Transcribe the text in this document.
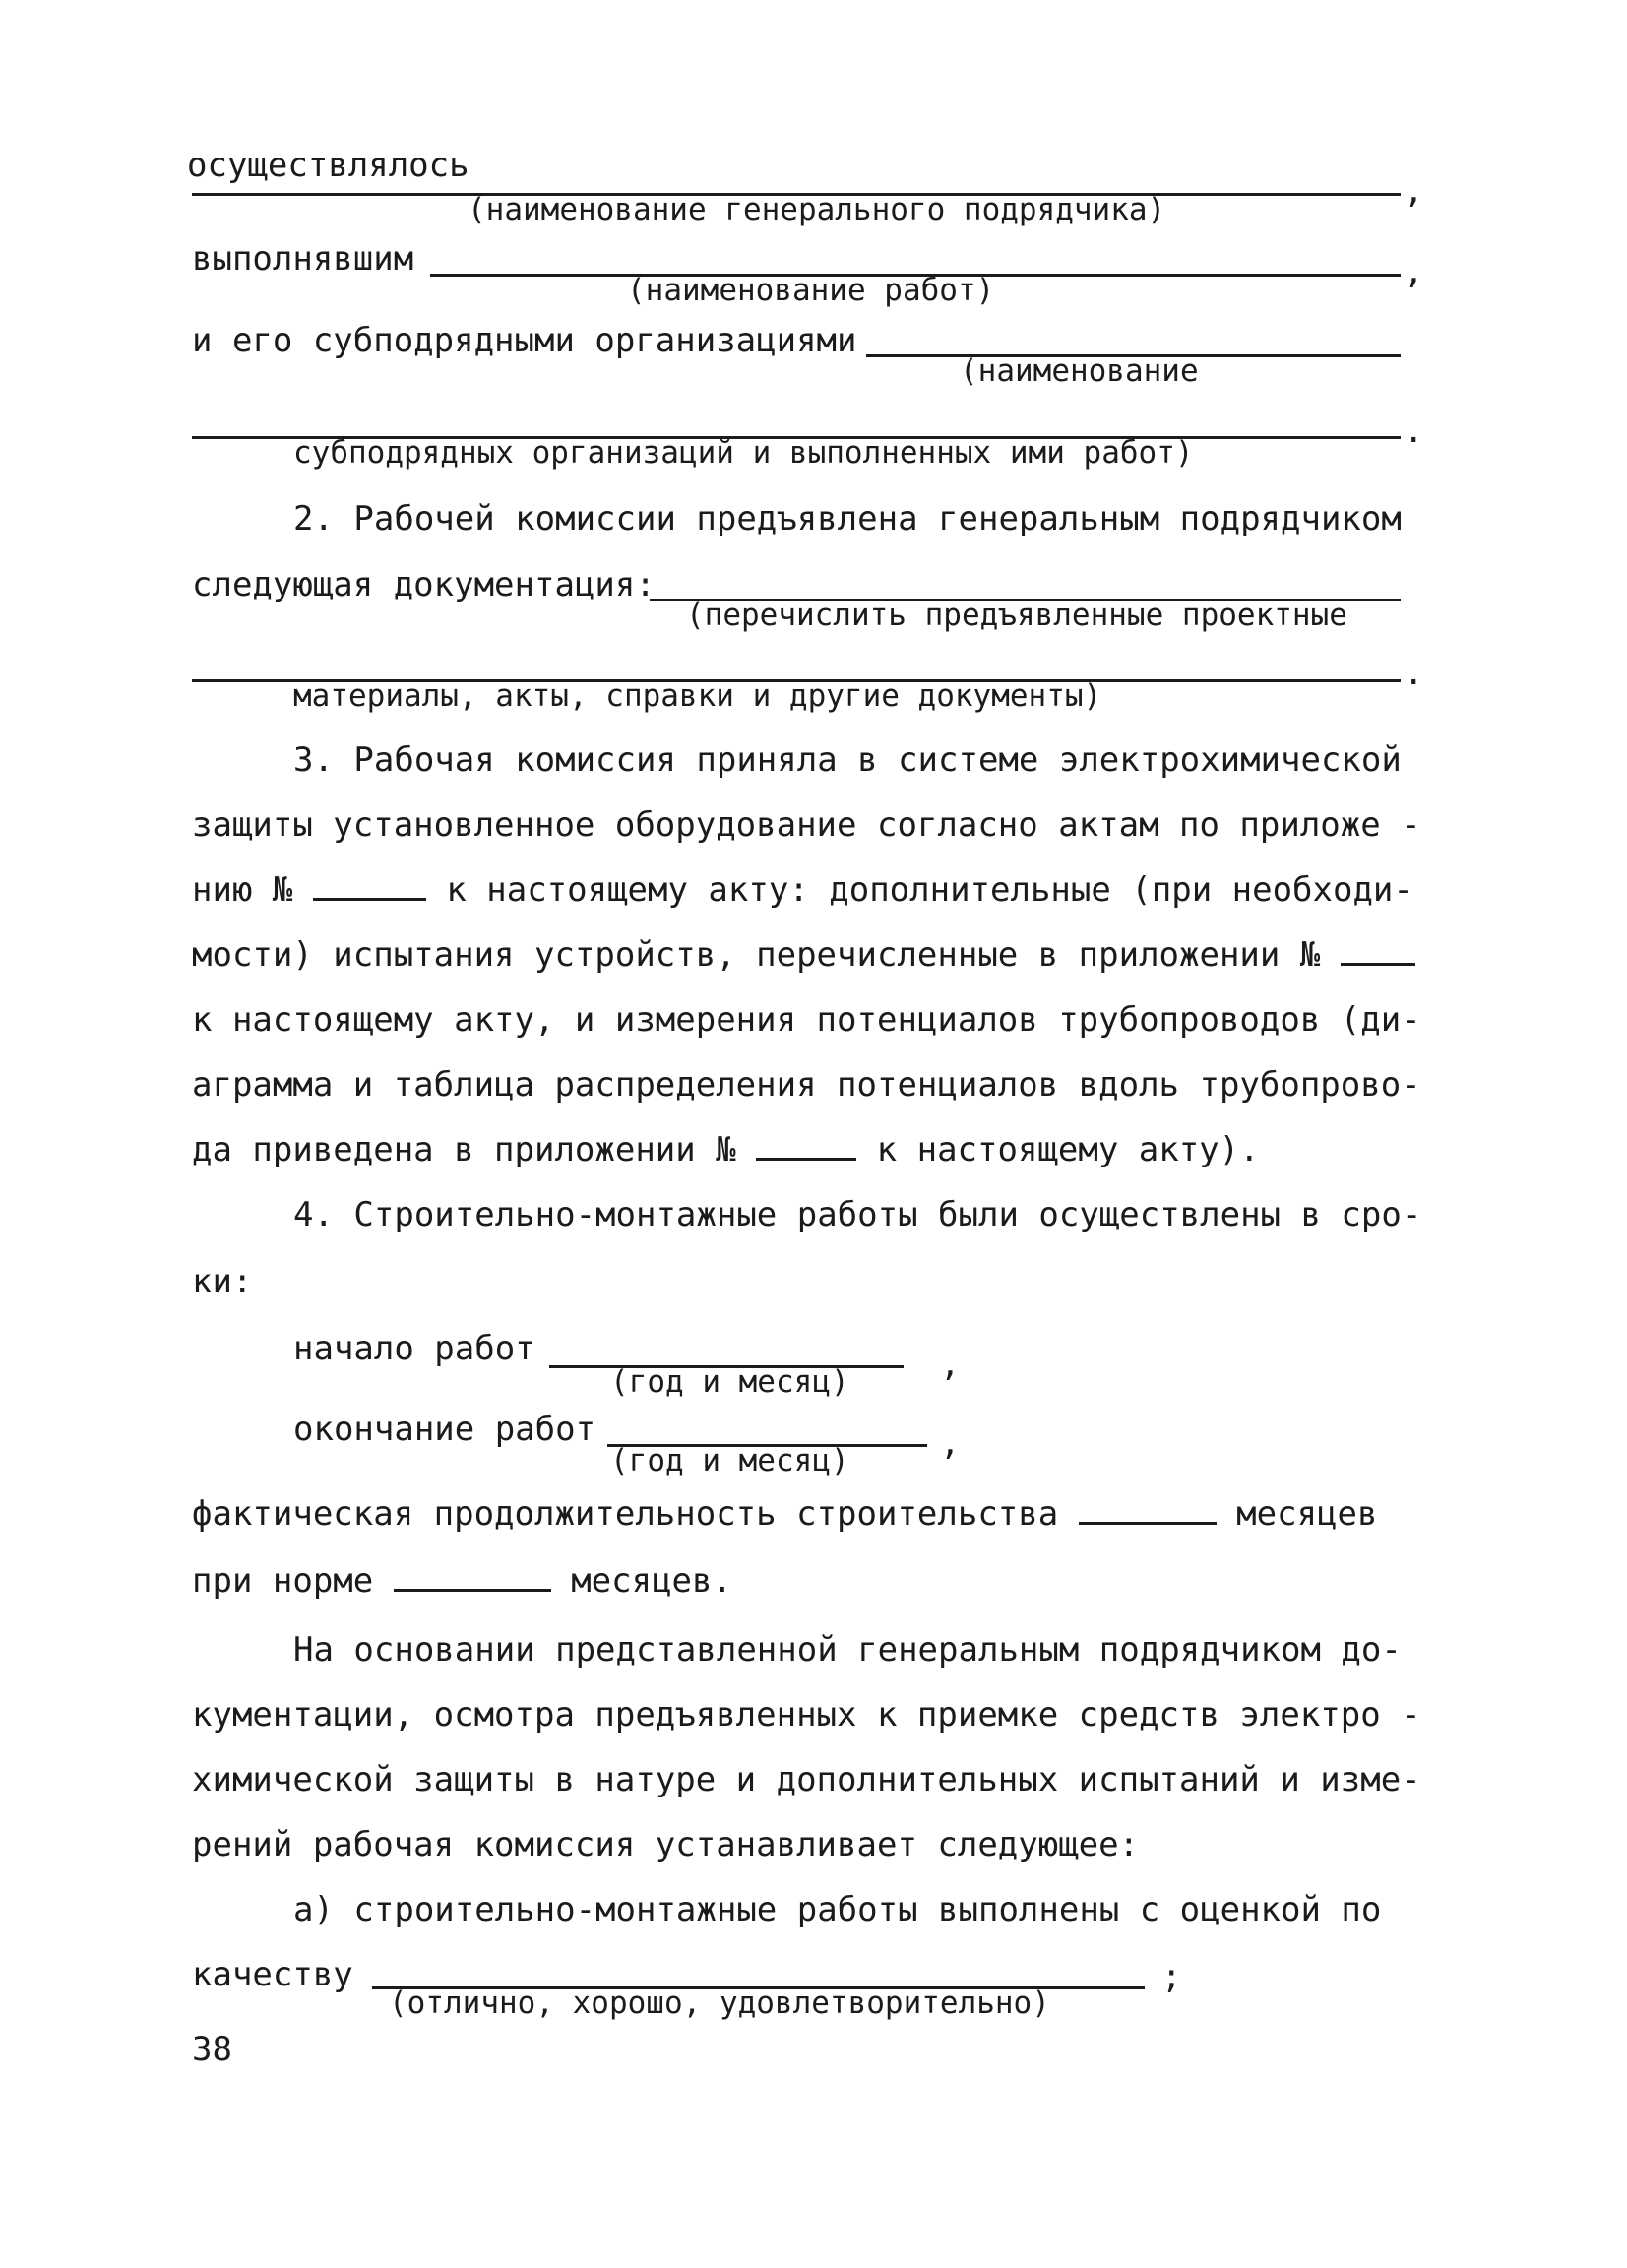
осуществлялось
(наименование генерального подрядчика)	,
выполнявшим
(наименование работ)	,
и его субподрядными организациями
(наименование
субподрядных организаций и выполненных ими работ)
.
2. Рабочей комиссии предъявлена генеральным подрядчиком
следующая документация:
(перечислить предъявленные проектные
материалы, акты, справки и другие документы)
.
3. Рабочая комиссия приняла в системе электрохимической
защиты установленное оборудование согласно актам по приложе -
нию №	к настоящему акту: дополнительные (при необходи-
мости) испытания устройств, перечисленные в приложении №
к настоящему акту, и измерения потенциалов трубопроводов (ди-
аграмма и таблица распределения потенциалов вдоль трубопрово-
да приведена в приложении №	к настоящему акту).
4. Строительно-монтажные работы были осуществлены в сро-
ки:
начало работ
(год и месяц)	,
окончание работ
(год и месяц)	,
фактическая продолжительность строительства	месяцев
при норме	месяцев.
На основании представленной генеральным подрядчиком до-
кументации, осмотра предъявленных к приемке средств электро -
химической защиты в натуре и дополнительных испытаний и изме-
рений рабочая комиссия устанавливает следующее:
а) строительно-монтажные работы выполнены с оценкой по
качеству
(отлично, хорошо, удовлетворительно)
;
38
